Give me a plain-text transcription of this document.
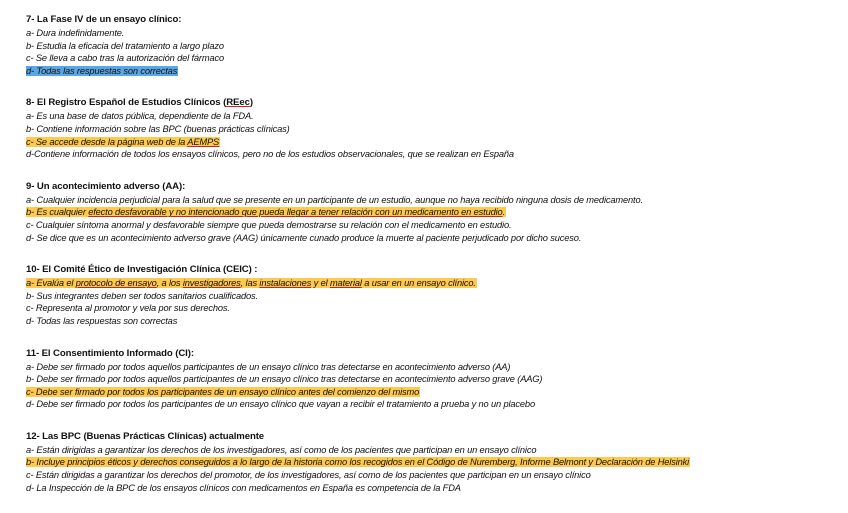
7- La Fase IV de un ensayo clínico:
a- Dura indefinidamente.
b- Estudia la eficacia del tratamiento a largo plazo
c- Se lleva a cabo tras la autorización del fármaco
d- Todas las respuestas son correctas
8- El Registro Español de Estudios Clínicos (REec)
a- Es una base de datos pública, dependiente de la FDA.
b- Contiene información sobre las BPC (buenas prácticas clínicas)
c- Se accede desde la página web de la AEMPS
d-Contiene información de todos los ensayos clínicos, pero no de los estudios observacionales, que se realizan en España
9- Un acontecimiento adverso (AA):
a- Cualquier incidencia perjudicial para la salud que se presente en un participante de un estudio, aunque no haya recibido ninguna dosis de medicamento.
b- Es cualquier efecto desfavorable y no intencionado que pueda llegar a tener relación con un medicamento en estudio.
c- Cualquier síntoma anormal y desfavorable siempre que pueda demostrarse su relación con el medicamento en estudio.
d- Se dice que es un acontecimiento adverso grave (AAG) únicamente cunado produce la muerte al paciente perjudicado por dicho suceso.
10- El Comité Ético de Investigación Clínica (CEIC) :
a- Evalúa el protocolo de ensayo, a los investigadores, las instalaciones y el material a usar en un ensayo clínico.
b- Sus integrantes deben ser todos sanitarios cualificados.
c- Representa al promotor y vela por sus derechos.
d- Todas las respuestas son correctas
11- El Consentimiento Informado (CI):
a- Debe ser firmado por todos aquellos participantes de un ensayo clínico tras detectarse en acontecimiento adverso (AA)
b- Debe ser firmado por todos aquellos participantes de un ensayo clínico tras detectarse en acontecimiento adverso grave (AAG)
c- Debe ser firmado por todos los participantes de un ensayo clínico antes del comienzo del mismo
d- Debe ser firmado por todos los participantes de un ensayo clínico que vayan a recibir el tratamiento a prueba y no un placebo
12- Las BPC (Buenas Prácticas Clínicas) actualmente
a- Están dirigidas a garantizar los derechos de los investigadores, así como de los pacientes que participan en un ensayo clínico
b- Incluye principios éticos y derechos conseguidos a lo largo de la historia como los recogidos en el Código de Nuremberg, Informe Belmont y Declaración de Helsinki
c- Están dirigidas a garantizar los derechos del promotor, de los investigadores, así como de los pacientes que participan en un ensayo clínico
d- La Inspección de la BPC de los ensayos clínicos con medicamentos en España es competencia de la FDA
